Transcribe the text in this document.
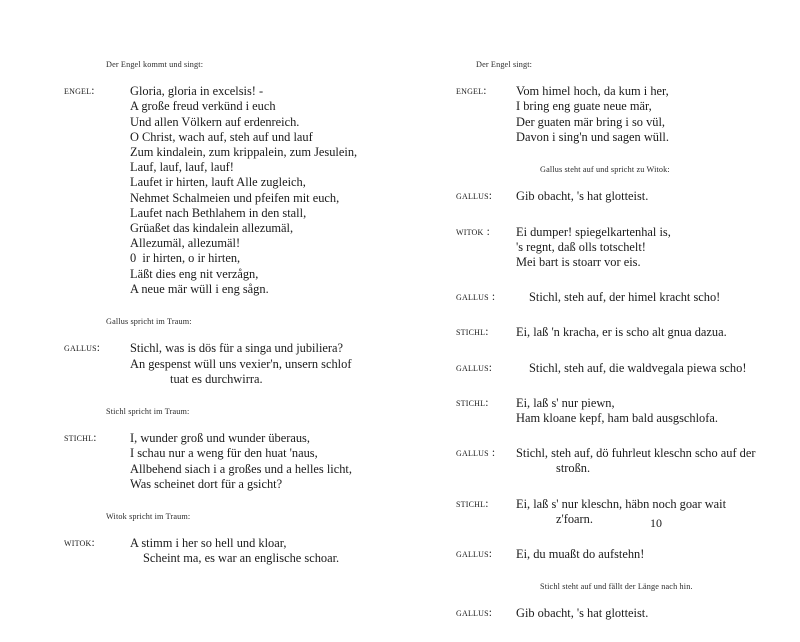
Der Engel kommt und singt:
engel:	Gloria, gloria in excelsis! -
A große freud verkünd i euch
Und allen Völkern auf erdenreich.
O Christ, wach auf, steh auf und lauf
Zum kindalein, zum krippalein, zum Jesulein,
Lauf, lauf, lauf, lauf!
Laufet ir hirten, lauft Alle zugleich,
Nehmet Schalmeien und pfeifen mit euch,
Laufet nach Bethlahem in den stall,
Grüaßet das kindalein allezumäl,
Allezumäl, allezumäl!
0  ir hirten, o ir hirten,
Läßt dies eng nit verzågn,
A neue mär wüll i eng sågn.
Gallus spricht im Traum:
gallus:	Stichl, was is dös für a singa und jubiliera?
An gespenst wüll uns vexier'n, unsern schlof
tuat es durchwirra.
Stichl spricht im Traum:
stichl:	I, wunder groß und wunder überaus,
I schau nur a weng für den huat 'naus,
Allbehend siach i a großes und a helles licht,
Was scheinet dort für a gsicht?
Witok spricht im Traum:
witok:	A stimm i her so hell und kloar,
Scheint ma, es war an englische schoar.
Der Engel singt:
engel:	Vom himel hoch, da kum i her,
I bring eng guate neue mär,
Der guaten mär bring i so vül,
Davon i sing'n und sagen wüll.
Gallus steht auf und spricht zu Witok:
gallus:	Gib obacht, 's hat glotteist.
witok :	Ei dumper! spiegelkartenhal is,
's regnt, daß olls totschelt!
Mei bart is stoarr vor eis.
gallus :	Stichl, steh auf, der himel kracht scho!
stichl:	Ei, laß 'n kracha, er is scho alt gnua dazua.
gallus:	Stichl, steh auf, die waldvegala piewa scho!
stichl:	Ei, laß s' nur piewn,
Ham kloane kepf, ham bald ausgschlofa.
gallus :	Stichl, steh auf, dö fuhrleut kleschn scho auf der
stroßn.
stichl:	Ei, laß s' nur kleschn, häbn noch goar wait
z'foarn.
gallus:	Ei, du muaßt do aufstehn!
Stichl steht auf und fällt der Länge nach hin.
gallus:	Gib obacht, 's hat glotteist.
10
